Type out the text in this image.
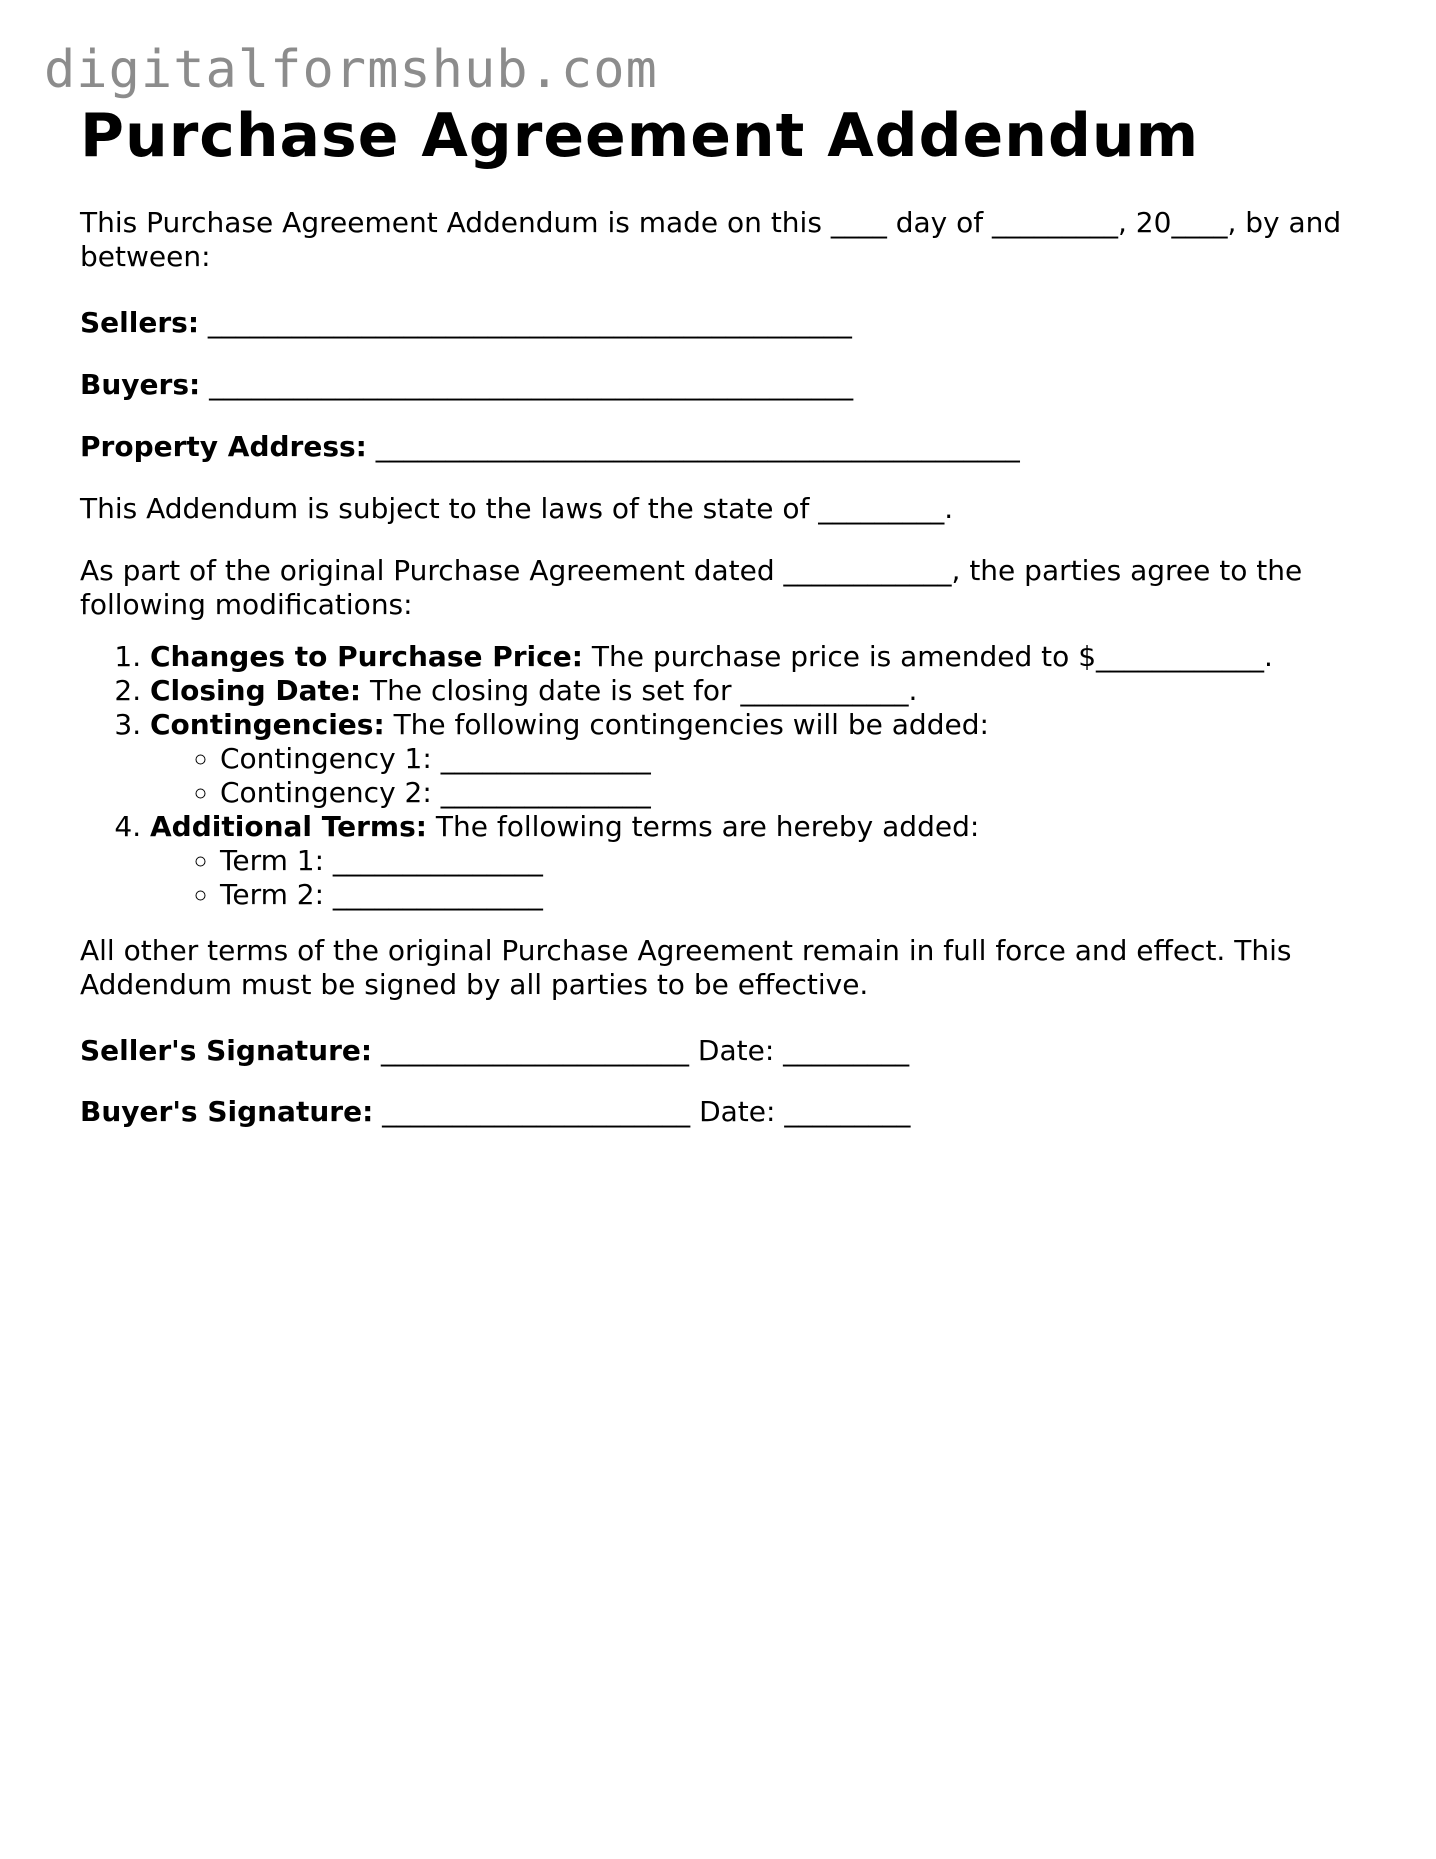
digitalformshub.com
Purchase Agreement Addendum

This Purchase Agreement Addendum is made on this ____ day of _________, 20____, by and between:

Sellers: ______________________________________________
Buyers: ______________________________________________
Property Address: ______________________________________________

This Addendum is subject to the laws of the state of _________.

As part of the original Purchase Agreement dated ____________, the parties agree to the following modifications:

1. Changes to Purchase Price: The purchase price is amended to $____________.
2. Closing Date: The closing date is set for ____________.
3. Contingencies: The following contingencies will be added:
◦ Contingency 1: _______________
◦ Contingency 2: _______________
4. Additional Terms: The following terms are hereby added:
◦ Term 1: _______________
◦ Term 2: _______________

All other terms of the original Purchase Agreement remain in full force and effect. This Addendum must be signed by all parties to be effective.

Seller's Signature: ______________________ Date: _________
Buyer's Signature: ______________________ Date: _________
